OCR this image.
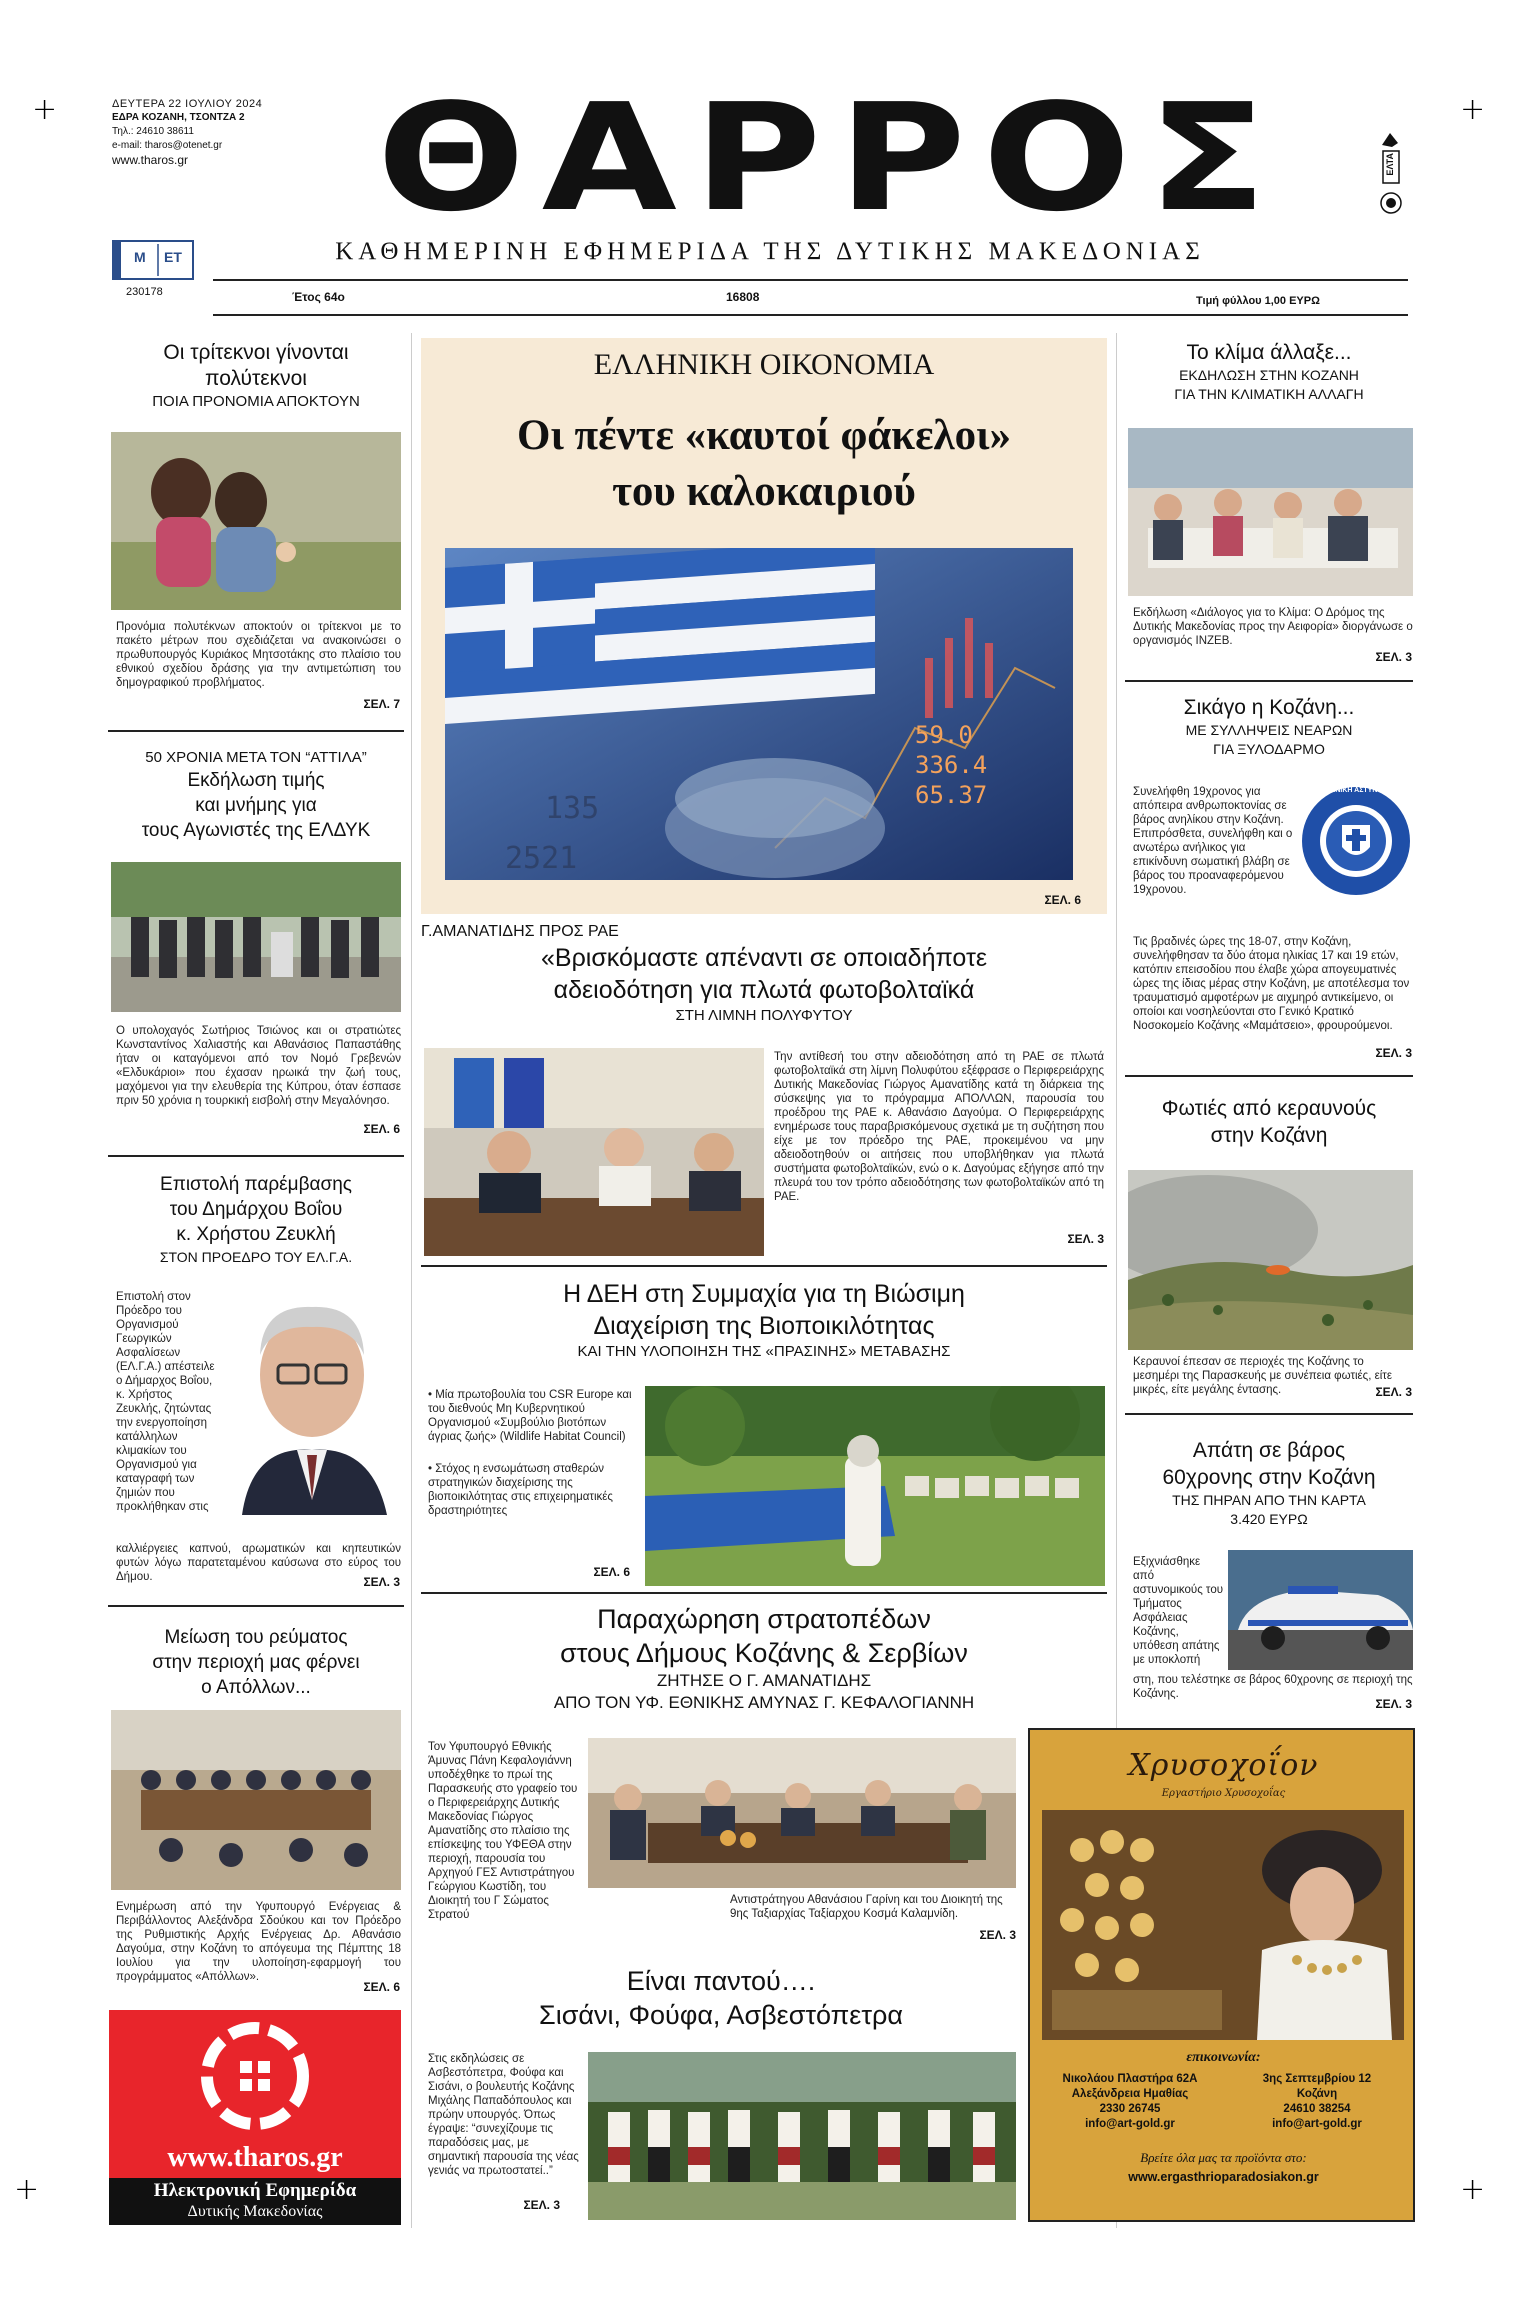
+	+
+	+
ΔΕΥΤΕΡΑ 22 ΙΟΥΛΙΟΥ 2024
ΕΔΡΑ ΚΟΖΑΝΗ, ΤΣΟΝΤΖΑ 2
Τηλ.: 24610 38611
e-mail: tharos@otenet.gr
www.tharos.gr	ΘΑΡΡΟΣ	ΕΛΤΑ
Μ ΕΤ
230178
ΚΑΘΗΜΕΡΙΝΗ ΕΦΗΜΕΡΙΔΑ ΤΗΣ ΔΥΤΙΚΗΣ ΜΑΚΕΔΟΝΙΑΣ
Έτος 64ο	16808	Τιμή φύλλου 1,00 ΕΥΡΩ
Οι τρίτεκνοι γίνονται
πολύτεκνοι
ΠΟΙΑ ΠΡΟΝΟΜΙΑ ΑΠΟΚΤΟΥΝ
Προνόμια πολυτέκνων αποκτούν οι τρίτεκνοι με το πακέτο μέτρων που σχεδιάζεται να ανακοινώσει ο πρωθυπουργός Κυριάκος Μητσοτάκης στο πλαίσιο του εθνικού σχεδίου δράσης για την αντιμετώπιση του δημογραφικού προβλήματος.
ΣΕΛ. 7
50 ΧΡΟΝΙΑ ΜΕΤΑ ΤΟΝ “ΑΤΤΙΛΑ”
Εκδήλωση τιμής
και μνήμης για
τους Αγωνιστές της ΕΛΔΥΚ
Ο υπολοχαγός Σωτήριος Τσιώνος και οι στρατιώτες Κωνσταντίνος Χαλιαστής και Αθανάσιος Παπαστάθης ήταν οι καταγόμενοι από τον Νομό Γρεβενών «Ελδυκάριοι» που έχασαν ηρωικά την ζωή τους, μαχόμενοι για την ελευθερία της Κύπρου, όταν έσπασε πριν 50 χρόνια η τουρκική εισβολή στην Μεγαλόνησο.
ΣΕΛ. 6
Επιστολή παρέμβασης
του Δημάρχου Βοΐου
κ. Χρήστου Ζευκλή
ΣΤΟΝ ΠΡΟΕΔΡΟ ΤΟΥ ΕΛ.Γ.Α.
Επιστολή στον Πρόεδρο του Οργανισμού Γεωργικών Ασφαλίσεων (ΕΛ.Γ.Α.) απέστειλε ο Δήμαρχος Βοΐου, κ. Χρήστος Ζευκλής, ζητώντας την ενεργοποίηση κατάλληλων κλιμακίων του Οργανισμού για καταγραφή των ζημιών που προκλήθηκαν στις
καλλιέργειες καπνού, αρωματικών και κηπευτικών φυτών λόγω παρατεταμένου καύσωνα στο εύρος του Δήμου.	ΣΕΛ. 3
Μείωση του ρεύματος
στην περιοχή μας φέρνει
ο Απόλλων...
Ενημέρωση από την Υφυπουργό Ενέργειας & Περιβάλλοντος Αλεξάνδρα Σδούκου και τον Πρόεδρο της Ρυθμιστικής Αρχής Ενέργειας Δρ. Αθανάσιο Δαγούμα, στην Κοζάνη το απόγευμα της Πέμπτης 18 Ιουλίου για την υλοποίηση-εφαρμογή του προγράμματος «Απόλλων».
ΣΕΛ. 6
www.tharos.gr
Ηλεκτρονική Εφημερίδα
Δυτικής Μακεδονίας
ΕΛΛΗΝΙΚΗ ΟΙΚΟΝΟΜΙΑ
Οι πέντε «καυτοί φάκελοι»
του καλοκαιριού
59.0
336.4
65.37
135
2521
ΣΕΛ. 6
Γ.ΑΜΑΝΑΤΙΔΗΣ ΠΡΟΣ ΡΑΕ
«Βρισκόμαστε απέναντι σε οποιαδήποτε
αδειοδότηση για πλωτά φωτοβολταϊκά
ΣΤΗ ΛΙΜΝΗ ΠΟΛΥΦΥΤΟΥ
Την αντίθεσή του στην αδειοδότηση από τη ΡΑΕ σε πλωτά φωτοβολταϊκά στη λίμνη Πολυφύτου εξέφρασε ο Περιφερειάρχης Δυτικής Μακεδονίας Γιώργος Αμανατίδης κατά τη διάρκεια της σύσκεψης για το πρόγραμμα ΑΠΟΛΛΩΝ, παρουσία του προέδρου της ΡΑΕ κ. Αθανάσιο Δαγούμα. Ο Περιφερειάρχης ενημέρωσε τους παραβρισκόμενους σχετικά με τη συζήτηση που είχε με τον πρόεδρο της ΡΑΕ, προκειμένου να μην αδειοδοτηθούν οι αιτήσεις που υποβλήθηκαν για πλωτά συστήματα φωτοβολταϊκών, ενώ ο κ. Δαγούμας εξήγησε από την πλευρά του τον τρόπο αδειοδότησης των φωτοβολταϊκών από τη ΡΑΕ.
ΣΕΛ. 3
Η ΔΕΗ στη Συμμαχία για τη Βιώσιμη
Διαχείριση της Βιοποικιλότητας
ΚΑΙ ΤΗΝ ΥΛΟΠΟΙΗΣΗ ΤΗΣ «ΠΡΑΣΙΝΗΣ» ΜΕΤΑΒΑΣΗΣ
• Μία πρωτοβουλία του CSR Europe και του διεθνούς Μη Κυβερνητικού Οργανισμού «Συμβούλιο βιοτόπων άγριας ζωής» (Wildlife Habitat Council)
• Στόχος η ενσωμάτωση σταθερών στρατηγικών διαχείρισης της βιοποικιλότητας στις επιχειρηματικές δραστηριότητες
ΣΕΛ. 6
Παραχώρηση στρατοπέδων
στους Δήμους Κοζάνης & Σερβίων
ΖΗΤΗΣΕ Ο Γ. ΑΜΑΝΑΤΙΔΗΣ
ΑΠΟ ΤΟΝ ΥΦ. ΕΘΝΙΚΗΣ ΑΜΥΝΑΣ Γ. ΚΕΦΑΛΟΓΙΑΝΝΗ
Τον Υφυπουργό Εθνικής Άμυνας Πάνη Κεφαλογιάννη υποδέχθηκε το πρωί της Παρασκευής στο γραφείο του ο Περιφερειάρχης Δυτικής Μακεδονίας Γιώργος Αμανατίδης στο πλαίσιο της επίσκεψης του ΥΦΕΘΑ στην περιοχή, παρουσία του Αρχηγού ΓΕΣ Αντιστράτηγου Γεώργιου Κωστίδη, του Διοικητή του Γ Σώματος Στρατού
Αντιστράτηγου Αθανάσιου Γαρίνη και του Διοικητή της 9ης Ταξιαρχίας Ταξίαρχου Κοσμά Καλαμνίδη.
ΣΕΛ. 3
Είναι παντού….
Σισάνι, Φούφα, Ασβεστόπετρα
Στις εκδηλώσεις σε Ασβεστόπετρα, Φούφα και Σισάνι, ο βουλευτής Κοζάνης Μιχάλης Παπαδόπουλος και πρώην υπουργός. Όπως έγραψε: “συνεχίζουμε τις παραδόσεις μας, με σημαντική παρουσία της νέας γενιάς να πρωτοστατεί..”
ΣΕΛ. 3
Το κλίμα άλλαξε...
ΕΚΔΗΛΩΣΗ ΣΤΗΝ ΚΟΖΑΝΗ
ΓΙΑ ΤΗΝ ΚΛΙΜΑΤΙΚΗ ΑΛΛΑΓΗ
Εκδήλωση «Διάλογος για το Κλίμα: Ο Δρόμος της Δυτικής Μακεδονίας προς την Αειφορία» διοργάνωσε ο οργανισμός ΙΝΖΕΒ.
ΣΕΛ. 3
Σικάγο η Κοζάνη...
ΜΕ ΣΥΛΛΗΨΕΙΣ ΝΕΑΡΩΝ
ΓΙΑ ΞΥΛΟΔΑΡΜΟ
Συνελήφθη 19χρονος για απόπειρα ανθρωποκτονίας σε βάρος ανηλίκου στην Κοζάνη. Επιπρόσθετα, συνελήφθη και ο ανωτέρω ανήλικος για επικίνδυνη σωματική βλάβη σε βάρος του προαναφερόμενου 19χρονου.
ΕΛΛΗΝΙΚΗ ΑΣΤΥΝΟΜΙΑ
Τις βραδινές ώρες της 18-07, στην Κοζάνη, συνελήφθησαν τα δύο άτομα ηλικίας 17 και 19 ετών, κατόπιν επεισοδίου που έλαβε χώρα απογευματινές ώρες της ίδιας μέρας στην Κοζάνη, με αποτέλεσμα τον τραυματισμό αμφοτέρων με αιχμηρό αντικείμενο, οι οποίοι και νοσηλεύονται στο Γενικό Κρατικό Νοσοκομείο Κοζάνης «Μαμάτσειο», φρουρούμενοι.
ΣΕΛ. 3
Φωτιές από κεραυνούς
στην Κοζάνη
Κεραυνοί έπεσαν σε περιοχές της Κοζάνης το μεσημέρι της Παρασκευής με συνέπεια φωτιές, είτε μικρές, είτε μεγάλης έντασης.	ΣΕΛ. 3
Απάτη σε βάρος
60χρονης στην Κοζάνη
ΤΗΣ ΠΗΡΑΝ ΑΠΟ ΤΗΝ ΚΑΡΤΑ
3.420 ΕΥΡΩ
Εξιχνιάσθηκε από αστυνομικούς του Τμήματος Ασφάλειας Κοζάνης, υπόθεση απάτης με υποκλοπή
στη, που τελέστηκε σε βάρος 60χρονης σε περιοχή της Κοζάνης.
ΣΕΛ. 3
Χρυσοχοΐον
Εργαστήριο Χρυσοχοΐας
επικοινωνία:
Νικολάου Πλαστήρα 62Α
Αλεξάνδρεια Ημαθίας
2330 26745
info@art-gold.gr
3ης Σεπτεμβρίου 12
Κοζάνη
24610 38254
info@art-gold.gr
Βρείτε όλα μας τα προϊόντα στο:
www.ergasthrioparadosiakon.gr
